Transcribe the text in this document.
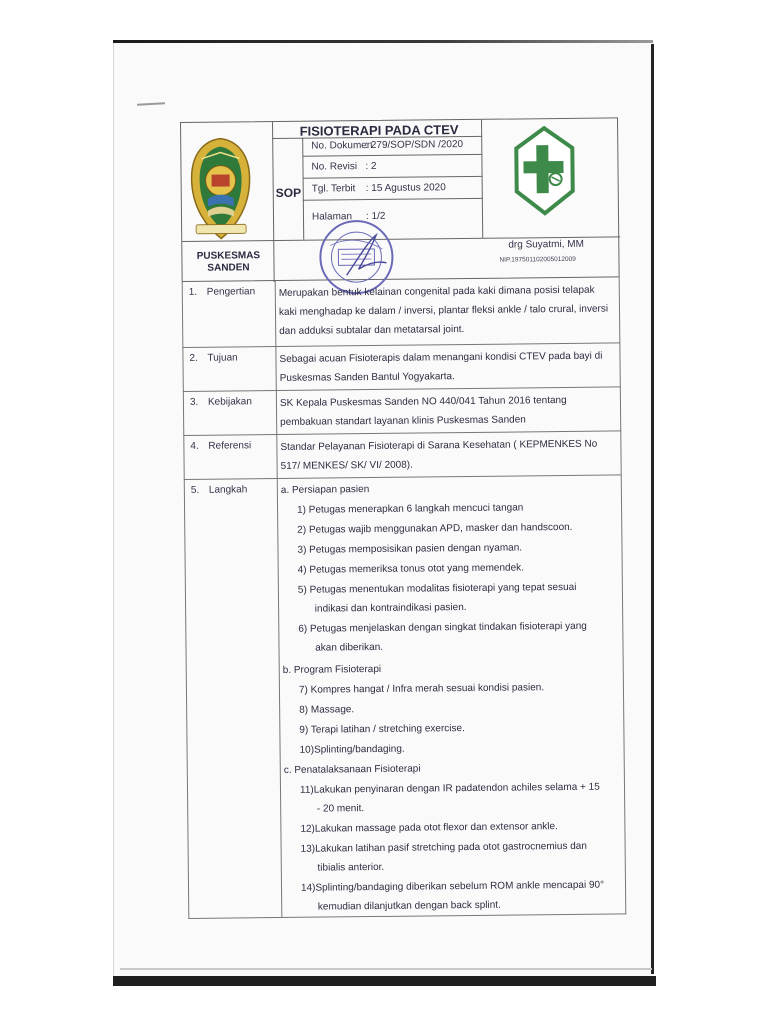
FISIOTERAPI PADA CTEV
No. Dokumen: 279/SOP/SDN /2020
No. Revisi : 2
Tgl. Terbit : 15 Agustus 2020
Halaman : 1/2
SOP
PUSKESMAS
SANDEN
drg Suyatmi, MM
NIP.197501102005012009
1. Pengertian Merupakan bentuk kelainan congenital pada kaki dimana posisi telapak
kaki menghadap ke dalam / inversi, plantar fleksi ankle / talo crural, inversi
dan adduksi subtalar dan metatarsal joint.
2. Tujuan	Sebagai acuan Fisioterapis dalam menangani kondisi CTEV pada bayi di
Puskesmas Sanden Bantul Yogyakarta.
3. Kebijakan	SK Kepala Puskesmas Sanden NO 440/041 Tahun 2016 tentang
pembakuan standart layanan klinis Puskesmas Sanden
4. Referensi	Standar Pelayanan Fisioterapi di Sarana Kesehatan ( KEPMENKES No
517/ MENKES/ SK/ VI/ 2008).
5. Langkah	a. Persiapan pasien
1) Petugas menerapkan 6 langkah mencuci tangan
2) Petugas wajib menggunakan APD, masker dan handscoon.
3) Petugas memposisikan pasien dengan nyaman.
4) Petugas memeriksa tonus otot yang memendek.
5) Petugas menentukan modalitas fisioterapi yang tepat sesuai
indikasi dan kontraindikasi pasien.
6) Petugas menjelaskan dengan singkat tindakan fisioterapi yang
akan diberikan.
b. Program Fisioterapi
7) Kompres hangat / Infra merah sesuai kondisi pasien.
8) Massage.
9) Terapi latihan / stretching exercise.
10)Splinting/bandaging.
c. Penatalaksanaan Fisioterapi
11)Lakukan penyinaran dengan IR padatendon achiles selama + 15
- 20 menit.
12)Lakukan massage pada otot flexor dan extensor ankle.
13)Lakukan latihan pasif stretching pada otot gastrocnemius dan
tibialis anterior.
14)Splinting/bandaging diberikan sebelum ROM ankle mencapai 90°
kemudian dilanjutkan dengan back splint.
